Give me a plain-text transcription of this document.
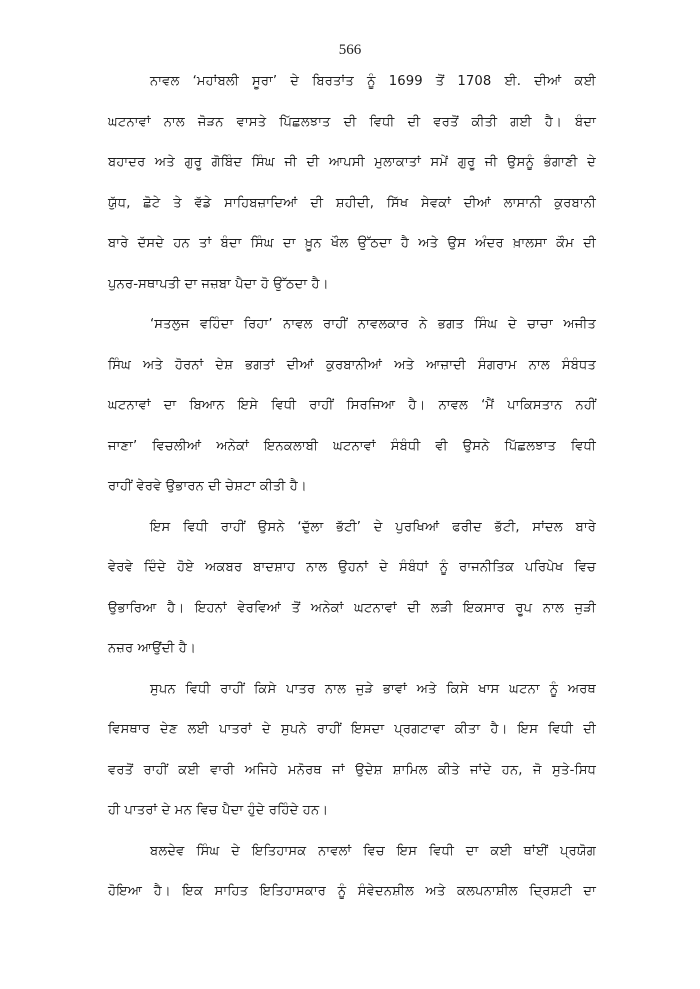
566
ਨਾਵਲ ‘ਮਹਾਂਬਲੀ ਸੂਰਾ’ ਦੇ ਬਿਰਤਾਂਤ ਨੂੰ 1699 ਤੋਂ 1708 ਈ. ਦੀਆਂ ਕਈ
ਘਟਨਾਵਾਂ ਨਾਲ ਜੋੜਨ ਵਾਸਤੇ ਪਿੱਛਲਝਾਤ ਦੀ ਵਿਧੀ ਦੀ ਵਰਤੋਂ ਕੀਤੀ ਗਈ ਹੈ। ਬੰਦਾ
ਬਹਾਦਰ ਅਤੇ ਗੁਰੂ ਗੋਬਿੰਦ ਸਿੰਘ ਜੀ ਦੀ ਆਪਸੀ ਮੁਲਾਕਾਤਾਂ ਸਮੇਂ ਗੁਰੂ ਜੀ ਉਸਨੂੰ ਭੰਗਾਣੀ ਦੇ
ਯੁੱਧ, ਛੋਟੇ ਤੇ ਵੱਡੇ ਸਾਹਿਬਜ਼ਾਦਿਆਂ ਦੀ ਸ਼ਹੀਦੀ, ਸਿੱਖ ਸੇਵਕਾਂ ਦੀਆਂ ਲਾਸਾਨੀ ਕੁਰਬਾਨੀ
ਬਾਰੇ ਦੱਸਦੇ ਹਨ ਤਾਂ ਬੰਦਾ ਸਿੰਘ ਦਾ ਖ਼ੂਨ ਖੌਲ ਉੱਠਦਾ ਹੈ ਅਤੇ ਉਸ ਅੰਦਰ ਖ਼ਾਲਸਾ ਕੌਮ ਦੀ
ਪੁਨਰ-ਸਥਾਪਤੀ ਦਾ ਜਜ਼ਬਾ ਪੈਦਾ ਹੋ ਉੱਠਦਾ ਹੈ।
‘ਸਤਲੁਜ ਵਹਿੰਦਾ ਰਿਹਾ’ ਨਾਵਲ ਰਾਹੀਂ ਨਾਵਲਕਾਰ ਨੇ ਭਗਤ ਸਿੰਘ ਦੇ ਚਾਚਾ ਅਜੀਤ
ਸਿੰਘ ਅਤੇ ਹੋਰਨਾਂ ਦੇਸ਼ ਭਗਤਾਂ ਦੀਆਂ ਕੁਰਬਾਨੀਆਂ ਅਤੇ ਆਜ਼ਾਦੀ ਸੰਗਰਾਮ ਨਾਲ ਸੰਬੰਧਤ
ਘਟਨਾਵਾਂ ਦਾ ਬਿਆਨ ਇਸੇ ਵਿਧੀ ਰਾਹੀਂ ਸਿਰਜਿਆ ਹੈ। ਨਾਵਲ ‘ਮੈਂ ਪਾਕਿਸਤਾਨ ਨਹੀਂ
ਜਾਣਾ’ ਵਿਚਲੀਆਂ ਅਨੇਕਾਂ ਇਨਕਲਾਬੀ ਘਟਨਾਵਾਂ ਸੰਬੰਧੀ ਵੀ ਉਸਨੇ ਪਿੱਛਲਝਾਤ ਵਿਧੀ
ਰਾਹੀਂ ਵੇਰਵੇ ਉਭਾਰਨ ਦੀ ਚੇਸ਼ਟਾ ਕੀਤੀ ਹੈ।
ਇਸ ਵਿਧੀ ਰਾਹੀਂ ਉਸਨੇ ‘ਦੁੱਲਾ ਭੱਟੀ’ ਦੇ ਪੁਰਖਿਆਂ ਫਰੀਦ ਭੱਟੀ, ਸਾਂਦਲ ਬਾਰੇ
ਵੇਰਵੇ ਦਿੰਦੇ ਹੋਏ ਅਕਬਰ ਬਾਦਸ਼ਾਹ ਨਾਲ ਉਹਨਾਂ ਦੇ ਸੰਬੰਧਾਂ ਨੂੰ ਰਾਜਨੀਤਿਕ ਪਰਿਪੇਖ ਵਿਚ
ਉਭਾਰਿਆ ਹੈ। ਇਹਨਾਂ ਵੇਰਵਿਆਂ ਤੋਂ ਅਨੇਕਾਂ ਘਟਨਾਵਾਂ ਦੀ ਲੜੀ ਇਕਸਾਰ ਰੂਪ ਨਾਲ ਜੁੜੀ
ਨਜ਼ਰ ਆਉਂਦੀ ਹੈ।
ਸੁਪਨ ਵਿਧੀ ਰਾਹੀਂ ਕਿਸੇ ਪਾਤਰ ਨਾਲ ਜੁੜੇ ਭਾਵਾਂ ਅਤੇ ਕਿਸੇ ਖਾਸ ਘਟਨਾ ਨੂੰ ਅਰਥ
ਵਿਸਥਾਰ ਦੇਣ ਲਈ ਪਾਤਰਾਂ ਦੇ ਸੁਪਨੇ ਰਾਹੀਂ ਇਸਦਾ ਪ੍ਰਗਟਾਵਾ ਕੀਤਾ ਹੈ। ਇਸ ਵਿਧੀ ਦੀ
ਵਰਤੋਂ ਰਾਹੀਂ ਕਈ ਵਾਰੀ ਅਜਿਹੇ ਮਨੋਰਥ ਜਾਂ ਉਦੇਸ਼ ਸ਼ਾਮਿਲ ਕੀਤੇ ਜਾਂਦੇ ਹਨ, ਜੋ ਸੁਤੇ-ਸਿਧ
ਹੀ ਪਾਤਰਾਂ ਦੇ ਮਨ ਵਿਚ ਪੈਦਾ ਹੁੰਦੇ ਰਹਿੰਦੇ ਹਨ।
ਬਲਦੇਵ ਸਿੰਘ ਦੇ ਇਤਿਹਾਸਕ ਨਾਵਲਾਂ ਵਿਚ ਇਸ ਵਿਧੀ ਦਾ ਕਈ ਥਾਂਈਂ ਪ੍ਰਯੋਗ
ਹੋਇਆ ਹੈ। ਇਕ ਸਾਹਿਤ ਇਤਿਹਾਸਕਾਰ ਨੂੰ ਸੰਵੇਦਨਸ਼ੀਲ ਅਤੇ ਕਲਪਨਾਸ਼ੀਲ ਦ੍ਰਿਸ਼ਟੀ ਦਾ
